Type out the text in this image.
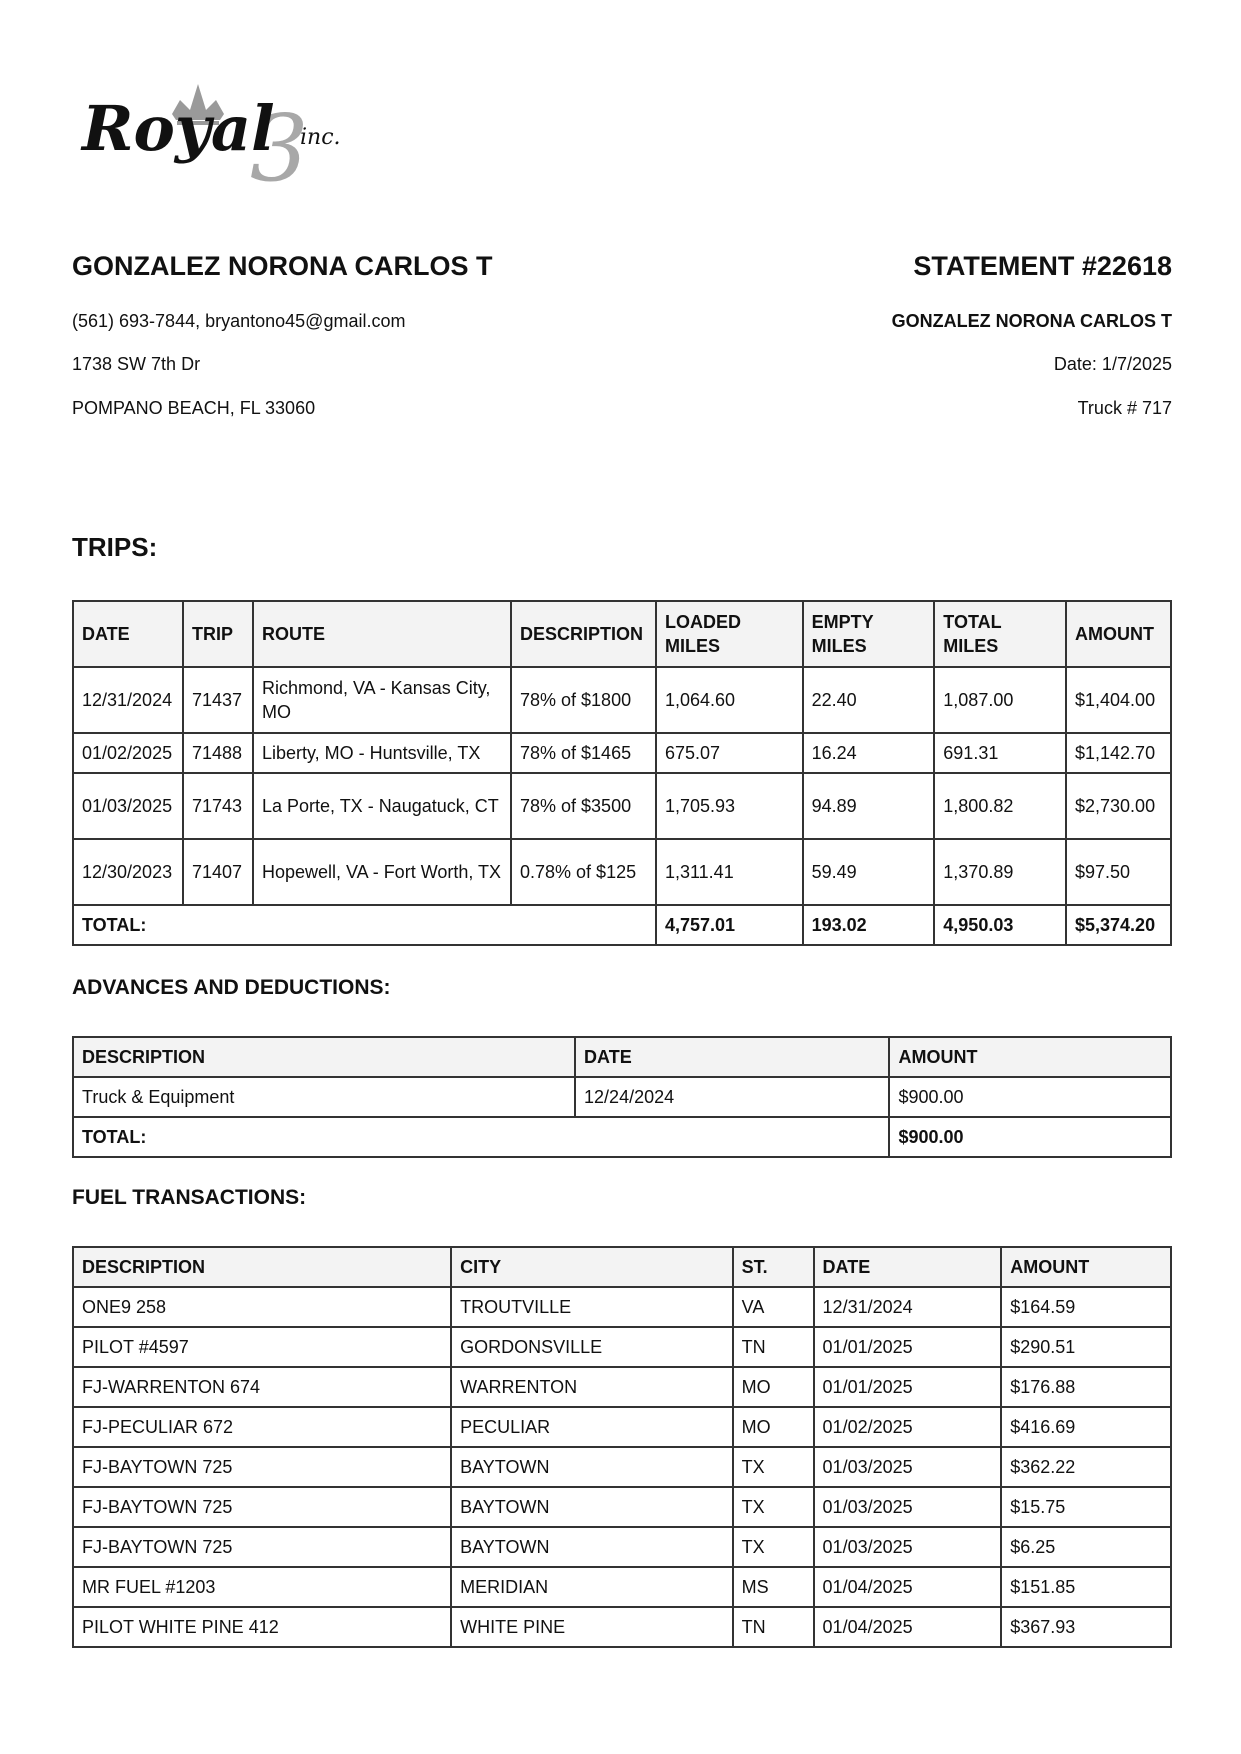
3
Royal inc.

GONZALEZ NORONA CARLOS T

(561) 693-7844, bryantono45@gmail.com
1738 SW 7th Dr
POMPANO BEACH, FL 33060

STATEMENT #22618

GONZALEZ NORONA CARLOS T
Date: 1/7/2025
Truck # 717
TRIPS:
DATE	TRIP	ROUTE	DESCRIPTION	LOADED MILES	EMPTY MILES	TOTAL MILES	AMOUNT
12/31/2024	71437	Richmond, VA - Kansas City, MO	78% of $1800	1,064.60	22.40	1,087.00	$1,404.00
01/02/2025	71488	Liberty, MO - Huntsville, TX	78% of $1465	675.07	16.24	691.31	$1,142.70
01/03/2025	71743	La Porte, TX - Naugatuck, CT	78% of $3500	1,705.93	94.89	1,800.82	$2,730.00
12/30/2023	71407	Hopewell, VA - Fort Worth, TX	0.78% of $125	1,311.41	59.49	1,370.89	$97.50
TOTAL:				4,757.01	193.02	4,950.03	$5,374.20
ADVANCES AND DEDUCTIONS:
DESCRIPTION	DATE	AMOUNT
Truck & Equipment	12/24/2024	$900.00
TOTAL:		$900.00
FUEL TRANSACTIONS:
DESCRIPTION	CITY	ST.	DATE	AMOUNT
ONE9 258	TROUTVILLE	VA	12/31/2024	$164.59
PILOT #4597	GORDONSVILLE	TN	01/01/2025	$290.51
FJ-WARRENTON 674	WARRENTON	MO	01/01/2025	$176.88
FJ-PECULIAR 672	PECULIAR	MO	01/02/2025	$416.69
FJ-BAYTOWN 725	BAYTOWN	TX	01/03/2025	$362.22
FJ-BAYTOWN 725	BAYTOWN	TX	01/03/2025	$15.75
FJ-BAYTOWN 725	BAYTOWN	TX	01/03/2025	$6.25
MR FUEL #1203	MERIDIAN	MS	01/04/2025	$151.85
PILOT WHITE PINE 412	WHITE PINE	TN	01/04/2025	$367.93
